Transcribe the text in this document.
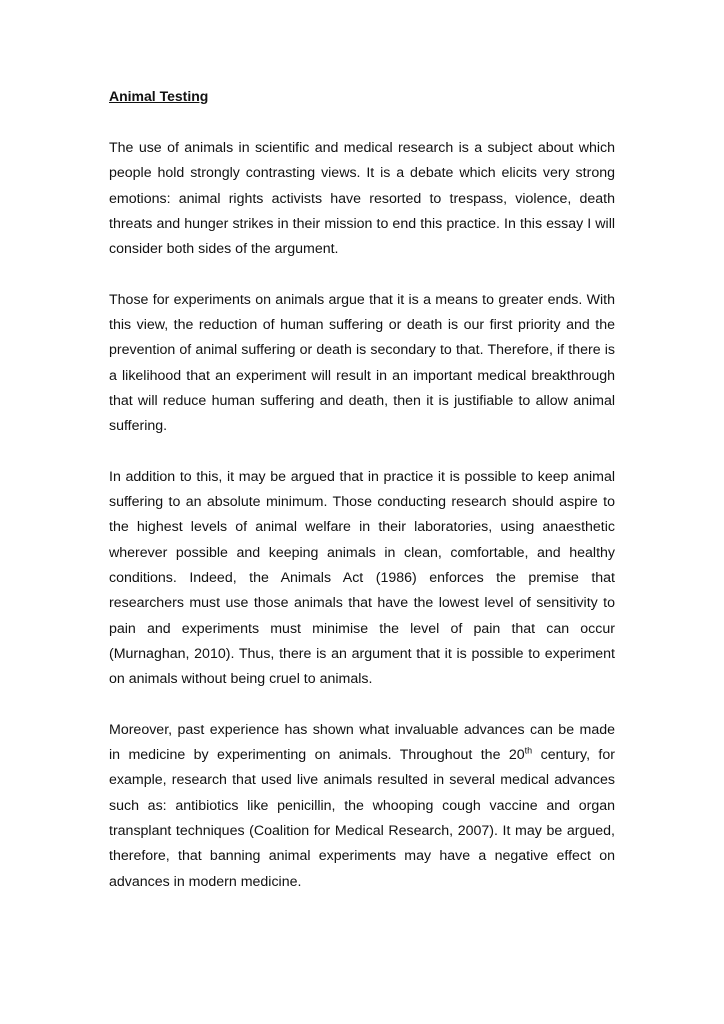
Animal Testing

The use of animals in scientific and medical research is a subject about which people hold strongly contrasting views. It is a debate which elicits very strong emotions: animal rights activists have resorted to trespass, violence, death threats and hunger strikes in their mission to end this practice. In this essay I will consider both sides of the argument.

Those for experiments on animals argue that it is a means to greater ends. With this view, the reduction of human suffering or death is our first priority and the prevention of animal suffering or death is secondary to that. Therefore, if there is a likelihood that an experiment will result in an important medical breakthrough that will reduce human suffering and death, then it is justifiable to allow animal suffering.

In addition to this, it may be argued that in practice it is possible to keep animal suffering to an absolute minimum. Those conducting research should aspire to the highest levels of animal welfare in their laboratories, using anaesthetic wherever possible and keeping animals in clean, comfortable, and healthy conditions. Indeed, the Animals Act (1986) enforces the premise that researchers must use those animals that have the lowest level of sensitivity to pain and experiments must minimise the level of pain that can occur (Murnaghan, 2010). Thus, there is an argument that it is possible to experiment on animals without being cruel to animals.

Moreover, past experience has shown what invaluable advances can be made in medicine by experimenting on animals. Throughout the 20th century, for example, research that used live animals resulted in several medical advances such as: antibiotics like penicillin, the whooping cough vaccine and organ transplant techniques (Coalition for Medical Research, 2007). It may be argued, therefore, that banning animal experiments may have a negative effect on advances in modern medicine.
